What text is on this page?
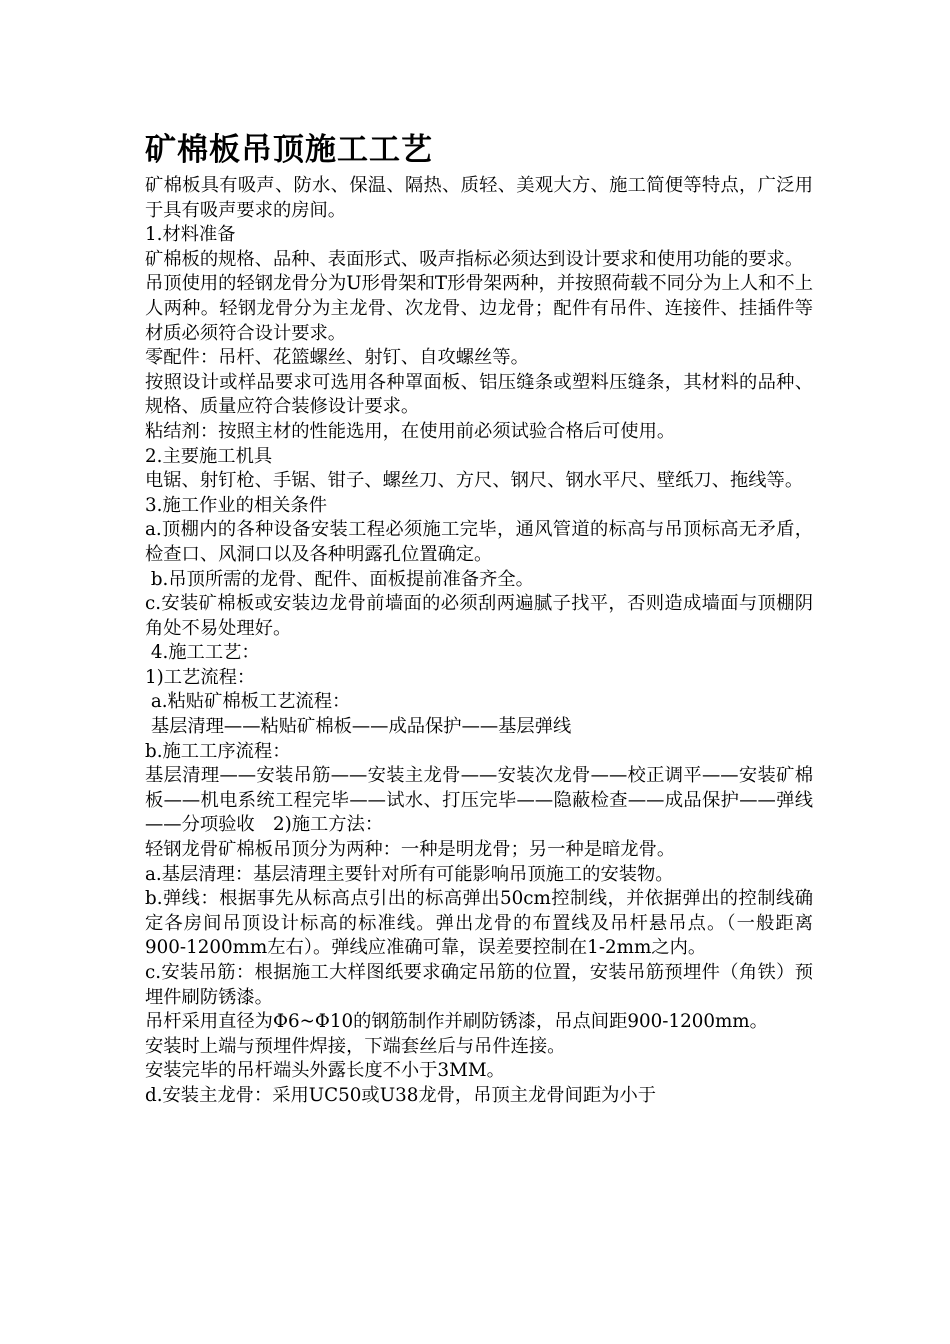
矿棉板吊顶施工工艺

矿棉板具有吸声、防水、保温、隔热、质轻、美观大方、施工简便等特点，广泛用于具有吸声要求的房间。

1.材料准备

矿棉板的规格、品种、表面形式、吸声指标必须达到设计要求和使用功能的要求。

吊顶使用的轻钢龙骨分为U形骨架和T形骨架两种，并按照荷载不同分为上人和不上人两种。轻钢龙骨分为主龙骨、次龙骨、边龙骨；配件有吊件、连接件、挂插件等材质必须符合设计要求。

零配件：吊杆、花篮螺丝、射钉、自攻螺丝等。

按照设计或样品要求可选用各种罩面板、铝压缝条或塑料压缝条，其材料的品种、规格、质量应符合装修设计要求。

粘结剂：按照主材的性能选用，在使用前必须试验合格后可使用。

2.主要施工机具

电锯、射钉枪、手锯、钳子、螺丝刀、方尺、钢尺、钢水平尺、壁纸刀、拖线等。

3.施工作业的相关条件

a.顶棚内的各种设备安装工程必须施工完毕，通风管道的标高与吊顶标高无矛盾，检查口、风洞口以及各种明露孔位置确定。

b.吊顶所需的龙骨、配件、面板提前准备齐全。

c.安装矿棉板或安装边龙骨前墙面的必须刮两遍腻子找平，否则造成墙面与顶棚阴角处不易处理好。

4.施工工艺：

1)工艺流程：

a.粘贴矿棉板工艺流程：

基层清理——粘贴矿棉板——成品保护——基层弹线

b.施工工序流程：

基层清理——安装吊筋——安装主龙骨——安装次龙骨——校正调平——安装矿棉板——机电系统工程完毕——试水、打压完毕——隐蔽检查——成品保护——弹线——分项验收　2)施工方法：

轻钢龙骨矿棉板吊顶分为两种：一种是明龙骨；另一种是暗龙骨。

a.基层清理：基层清理主要针对所有可能影响吊顶施工的安装物。

b.弹线：根据事先从标高点引出的标高弹出50cm控制线，并依据弹出的控制线确定各房间吊顶设计标高的标准线。弹出龙骨的布置线及吊杆悬吊点。（一般距离900-1200mm左右）。弹线应准确可靠，误差要控制在1-2mm之内。

c.安装吊筋：根据施工大样图纸要求确定吊筋的位置，安装吊筋预埋件（角铁）预埋件刷防锈漆。

吊杆采用直径为Φ6~Φ10的钢筋制作并刷防锈漆，吊点间距900-1200mm。

安装时上端与预埋件焊接，下端套丝后与吊件连接。

安装完毕的吊杆端头外露长度不小于3MM。

d.安装主龙骨：采用UC50或U38龙骨，吊顶主龙骨间距为小于
